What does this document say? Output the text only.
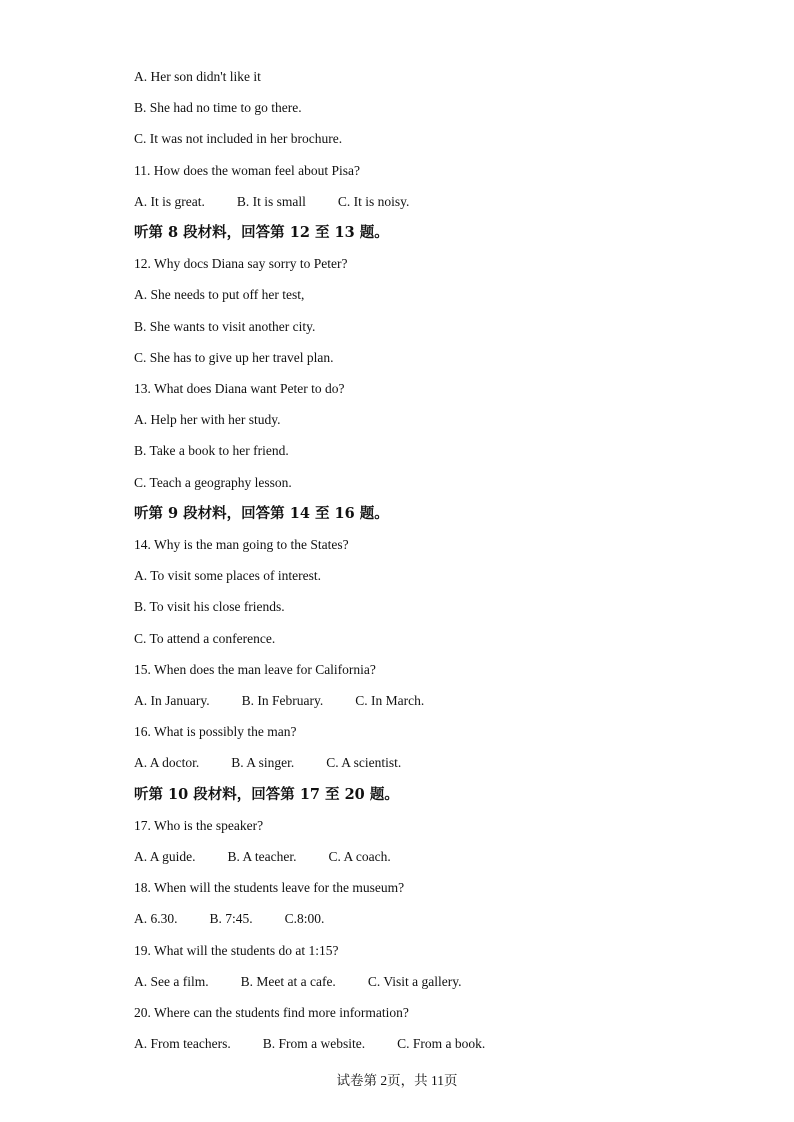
A. Her son didn't like it
B. She had no time to go there.
C. It was not included in her brochure.
11. How does the woman feel about Pisa?
A. It is great. B. It is small C. It is noisy.
听第 8 段材料，回答第 12 至 13 题。
12. Why docs Diana say sorry to Peter?
A. She needs to put off her test,
B. She wants to visit another city.
C. She has to give up her travel plan.
13. What does Diana want Peter to do?
A. Help her with her study.
B. Take a book to her friend.
C. Teach a geography lesson.
听第 9 段材料，回答第 14 至 16 题。
14. Why is the man going to the States?
A. To visit some places of interest.
B. To visit his close friends.
C. To attend a conference.
15. When does the man leave for California?
A. In January. B. In February. C. In March.
16. What is possibly the man?
A. A doctor. B. A singer. C. A scientist.
听第 10 段材料，回答第 17 至 20 题。
17. Who is the speaker?
A. A guide. B. A teacher. C. A coach.
18. When will the students leave for the museum?
A. 6.30. B. 7:45. C.8:00.
19. What will the students do at 1:15?
A. See a film. B. Meet at a cafe. C. Visit a gallery.
20. Where can the students find more information?
A. From teachers. B. From a website. C. From a book.
试卷第 2页，共 11页
